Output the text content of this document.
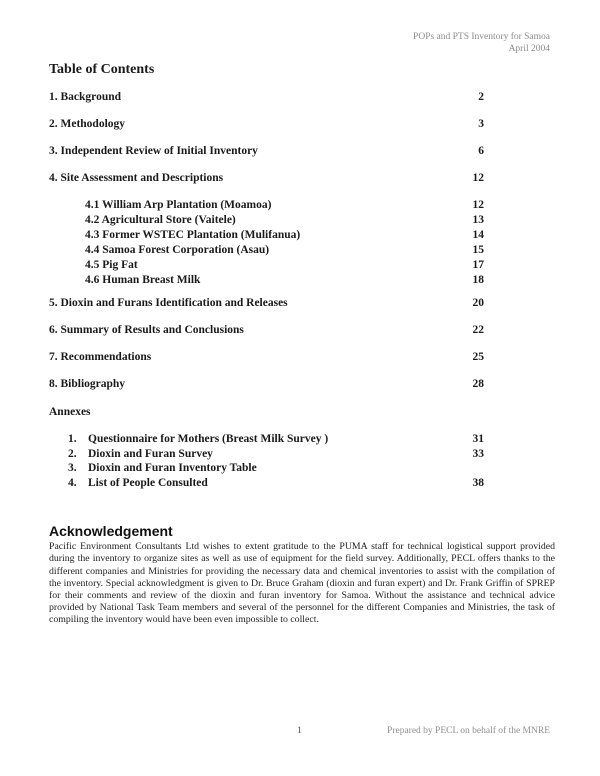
POPs and PTS Inventory for Samoa
April 2004
Table of Contents
1. Background	2
2. Methodology	3
3. Independent Review of Initial Inventory	6
4. Site Assessment and Descriptions	12
4.1 William Arp Plantation (Moamoa)	12
4.2 Agricultural Store (Vaitele)	13
4.3 Former WSTEC Plantation (Mulifanua)	14
4.4 Samoa Forest Corporation (Asau)	15
4.5 Pig Fat	17
4.6 Human Breast Milk	18
5. Dioxin and Furans Identification and Releases	20
6. Summary of Results and Conclusions	22
7. Recommendations	25
8. Bibliography	28
Annexes
1. Questionnaire for Mothers (Breast Milk Survey )	31
2. Dioxin and Furan Survey	33
3. Dioxin and Furan Inventory Table
4. List of People Consulted	38
Acknowledgement
Pacific Environment Consultants Ltd wishes to extent gratitude to the PUMA staff for technical logistical support provided during the inventory to organize sites as well as use of equipment for the field survey. Additionally, PECL offers thanks to the different companies and Ministries for providing the necessary data and chemical inventories to assist with the compilation of the inventory. Special acknowledgment is given to Dr. Bruce Graham (dioxin and furan expert) and Dr. Frank Griffin of SPREP for their comments and review of the dioxin and furan inventory for Samoa. Without the assistance and technical advice provided by National Task Team members and several of the personnel for the different Companies and Ministries, the task of compiling the inventory would have been even impossible to collect.
1	Prepared by PECL on behalf of the MNRE
